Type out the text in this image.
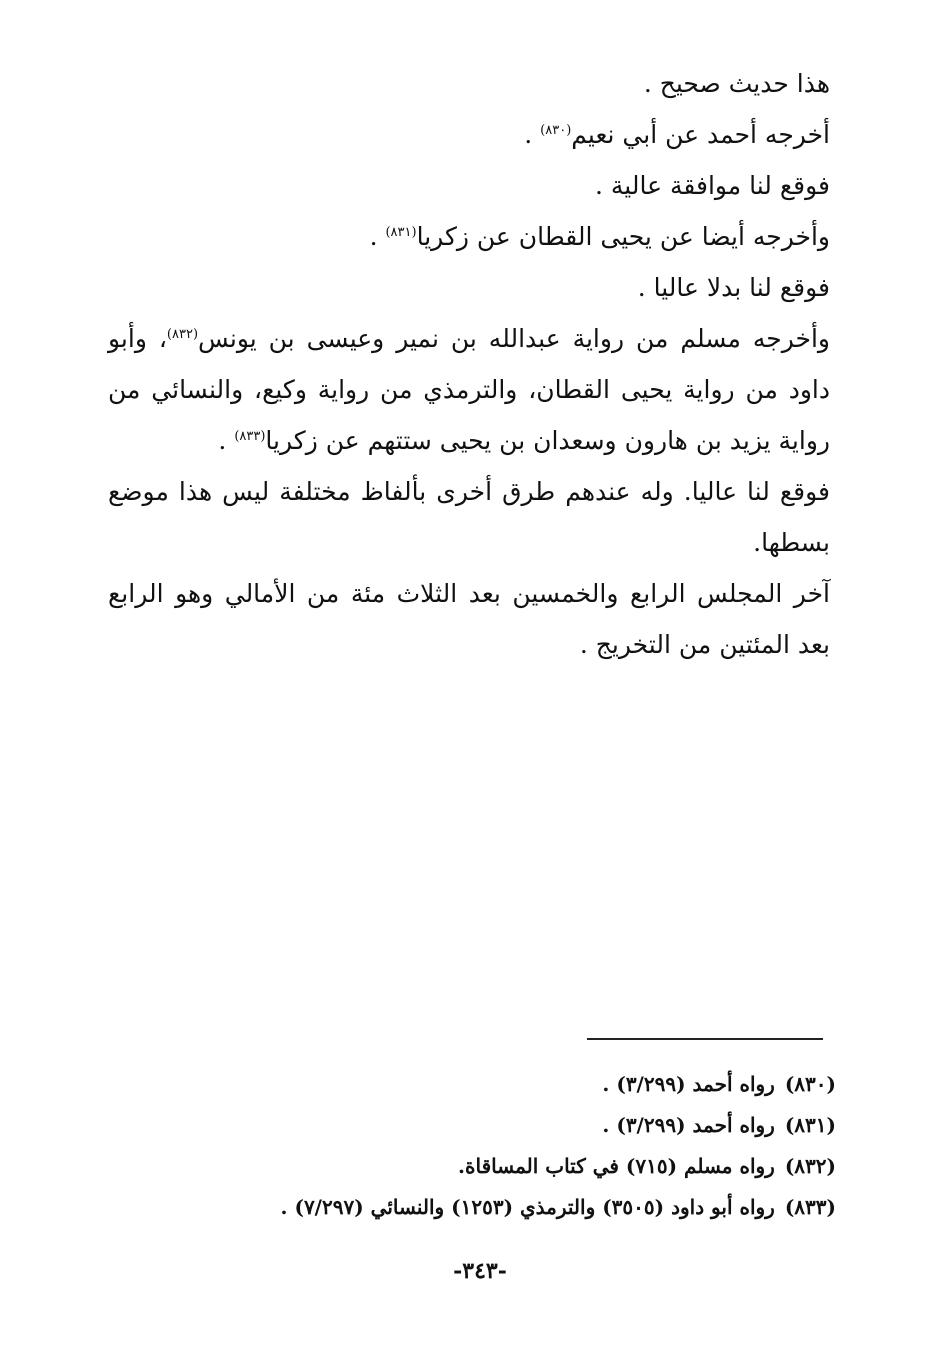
هذا حديث صحيح .

أخرجه أحمد عن أبي نعيم$^{(٨٣٠)}$ .

فوقع لنا موافقة عالية .

وأخرجه أيضا عن يحيى القطان عن زكريا$^{(٨٣١)}$ .

فوقع لنا بدلا عاليا .

وأخرجه مسلم من رواية عبدالله بن نمير وعيسى بن يونس$^{(٨٣٢)}$، وأبو داود من رواية يحيى القطان، والترمذي من رواية وكيع، والنسائي من رواية يزيد بن هارون وسعدان بن يحيى ستتهم عن زكريا$^{(٨٣٣)}$ .

فوقع لنا عاليا. وله عندهم طرق أخرى بألفاظ مختلفة ليس هذا موضع بسطها.

آخر المجلس الرابع والخمسين بعد الثلاث مئة من الأمالي وهو الرابع بعد المئتين من التخريج .

(٨٣٠)رواه أحمد (٣/٢٩٩) .

(٨٣١)رواه أحمد (٣/٢٩٩) .

(٨٣٢)رواه مسلم (٧١٥) في كتاب المساقاة.

(٨٣٣)رواه أبو داود (٣٥٠٥) والترمذي (١٢٥٣) والنسائي (٧/٢٩٧) .

-٣٤٣-
